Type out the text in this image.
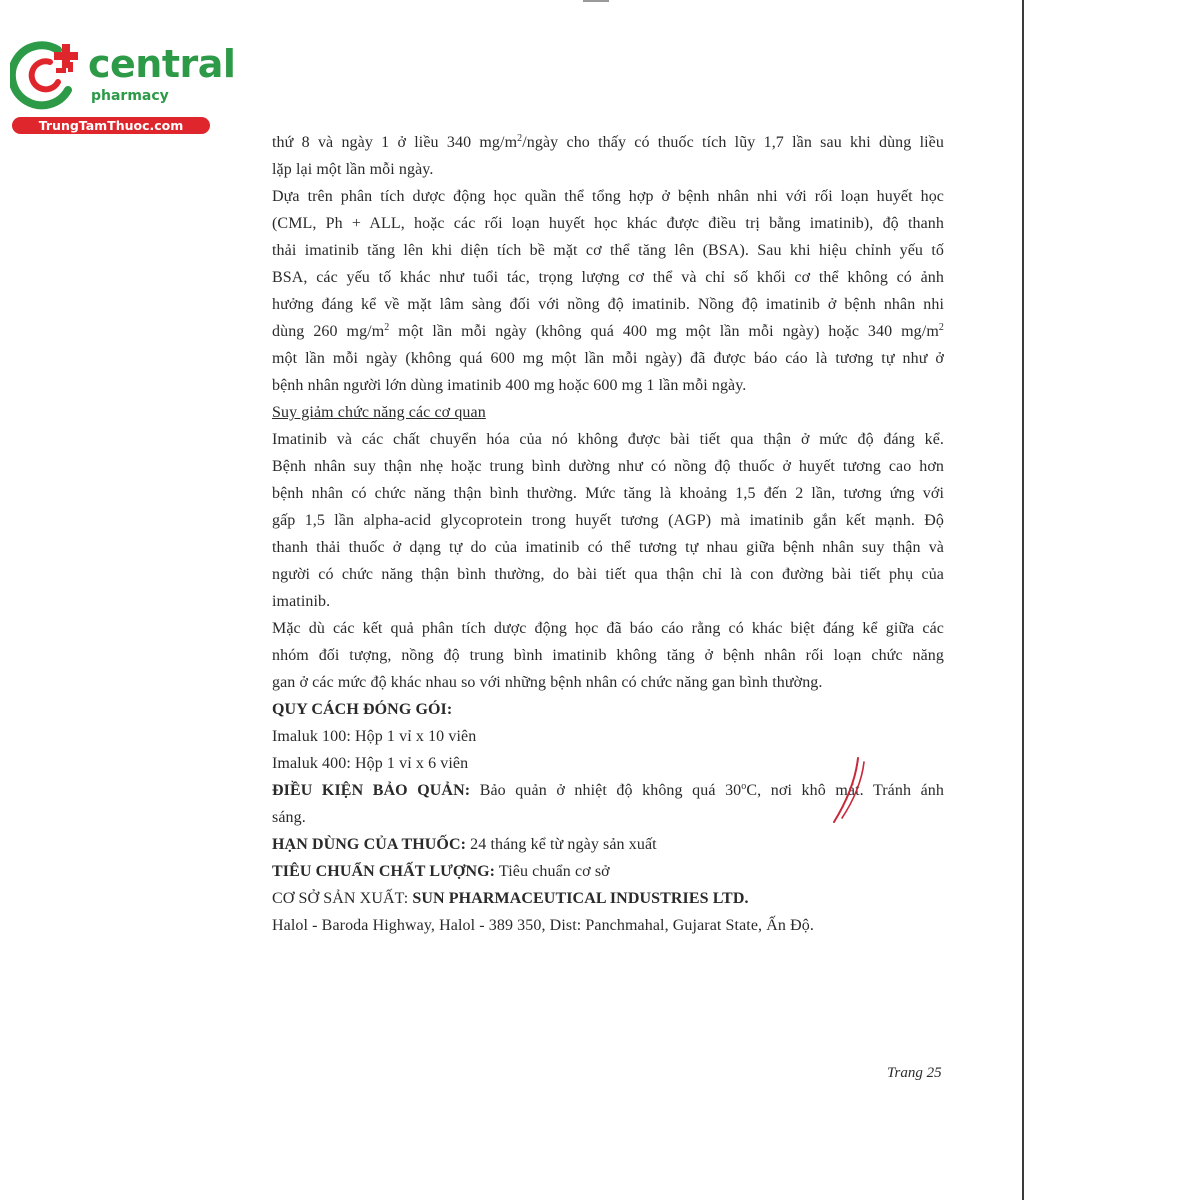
central
pharmacy
TrungTamThuoc.com
thứ 8 và ngày 1 ở liều 340 $mg/m^2$/ngày cho thấy có thuốc tích lũy 1,7 lần sau khi dùng liều
lặp lại một lần mỗi ngày.
Dựa trên phân tích dược động học quần thể tổng hợp ở bệnh nhân nhi với rối loạn huyết học
(CML, Ph + ALL, hoặc các rối loạn huyết học khác được điều trị bằng imatinib), độ thanh
thải imatinib tăng lên khi diện tích bề mặt cơ thể tăng lên (BSA). Sau khi hiệu chỉnh yếu tố
BSA, các yếu tố khác như tuổi tác, trọng lượng cơ thể và chỉ số khối cơ thể không có ảnh
hưởng đáng kể về mặt lâm sàng đối với nồng độ imatinib. Nồng độ imatinib ở bệnh nhân nhi
dùng 260 $mg/m^2$ một lần mỗi ngày (không quá 400 mg một lần mỗi ngày) hoặc 340 $mg/m^2$
một lần mỗi ngày (không quá 600 mg một lần mỗi ngày) đã được báo cáo là tương tự như ở
bệnh nhân người lớn dùng imatinib 400 mg hoặc 600 mg 1 lần mỗi ngày.
Suy giảm chức năng các cơ quan
Imatinib và các chất chuyển hóa của nó không được bài tiết qua thận ở mức độ đáng kể.
Bệnh nhân suy thận nhẹ hoặc trung bình dường như có nồng độ thuốc ở huyết tương cao hơn
bệnh nhân có chức năng thận bình thường. Mức tăng là khoảng 1,5 đến 2 lần, tương ứng với
gấp 1,5 lần alpha-acid glycoprotein trong huyết tương (AGP) mà imatinib gắn kết mạnh. Độ
thanh thải thuốc ở dạng tự do của imatinib có thể tương tự nhau giữa bệnh nhân suy thận và
người có chức năng thận bình thường, do bài tiết qua thận chỉ là con đường bài tiết phụ của
imatinib.
Mặc dù các kết quả phân tích dược động học đã báo cáo rằng có khác biệt đáng kể giữa các
nhóm đối tượng, nồng độ trung bình imatinib không tăng ở bệnh nhân rối loạn chức năng
gan ở các mức độ khác nhau so với những bệnh nhân có chức năng gan bình thường.
QUY CÁCH ĐÓNG GÓI:
Imaluk 100: Hộp 1 vỉ x 10 viên
Imaluk 400: Hộp 1 vỉ x 6 viên
ĐIỀU KIỆN BẢO QUẢN: Bảo quản ở nhiệt độ không quá 30$^o$C, nơi khô mát. Tránh ánh
sáng.
HẠN DÙNG CỦA THUỐC: 24 tháng kể từ ngày sản xuất
TIÊU CHUẨN CHẤT LƯỢNG: Tiêu chuẩn cơ sở
CƠ SỞ SẢN XUẤT: SUN PHARMACEUTICAL INDUSTRIES LTD.
Halol - Baroda Highway, Halol - 389 350, Dist: Panchmahal, Gujarat State, Ấn Độ.
Trang 25
